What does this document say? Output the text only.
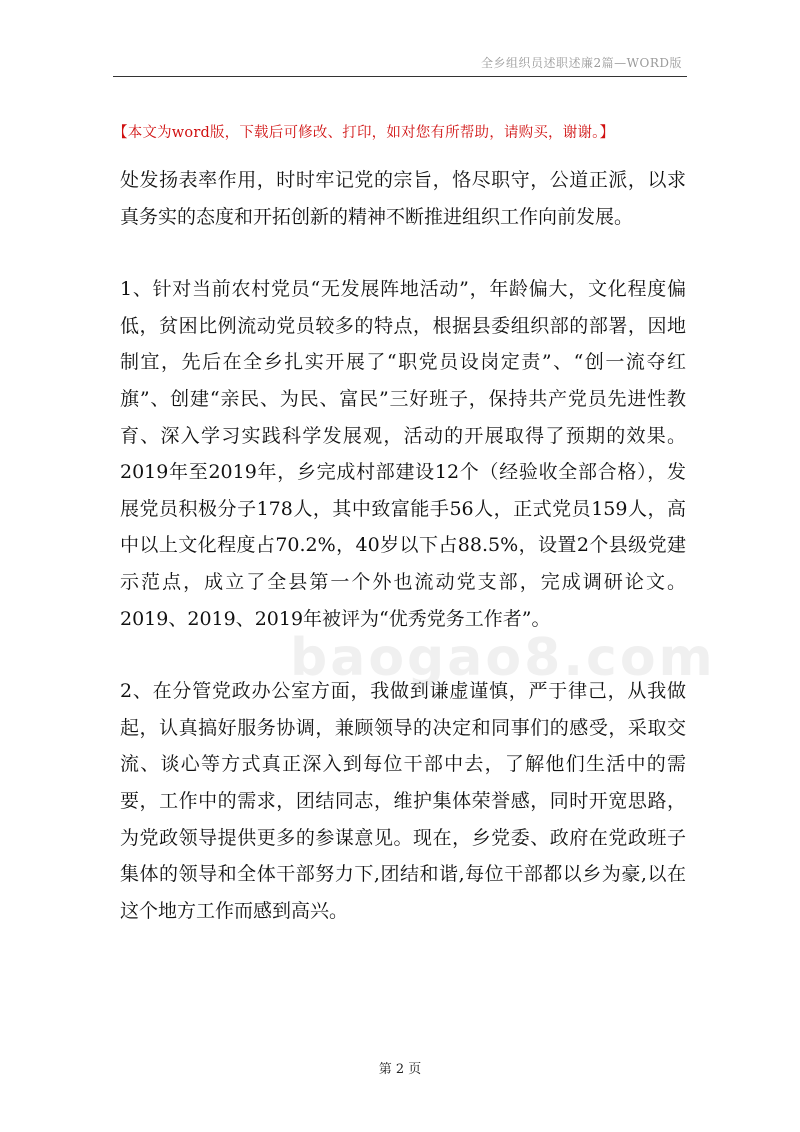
全乡组织员述职述廉2篇—WORD版
【本文为word版，下载后可修改、打印，如对您有所帮助，请购买，谢谢。】

处发扬表率作用，时时牢记党的宗旨，恪尽职守，公道正派，以求真务实的态度和开拓创新的精神不断推进组织工作向前发展。

1、针对当前农村党员“无发展阵地活动”，年龄偏大，文化程度偏低，贫困比例流动党员较多的特点，根据县委组织部的部署，因地制宜，先后在全乡扎实开展了“职党员设岗定责”、“创一流夺红旗”、创建“亲民、为民、富民”三好班子，保持共产党员先进性教育、深入学习实践科学发展观，活动的开展取得了预期的效果。2019年至2019年，乡完成村部建设12个（经验收全部合格），发展党员积极分子178人，其中致富能手56人，正式党员159人，高中以上文化程度占70.2%，40岁以下占88.5%，设置2个县级党建示范点，成立了全县第一个外也流动党支部，完成调研论文。2019、2019、2019年被评为“优秀党务工作者”。

2、在分管党政办公室方面，我做到谦虚谨慎，严于律己，从我做起，认真搞好服务协调，兼顾领导的决定和同事们的感受，采取交流、谈心等方式真正深入到每位干部中去，了解他们生活中的需要，工作中的需求，团结同志，维护集体荣誉感，同时开宽思路，为党政领导提供更多的参谋意见。现在，乡党委、政府在党政班子集体的领导和全体干部努力下,团结和谐,每位干部都以乡为豪,以在这个地方工作而感到高兴。

baogao8.com
第 2 页
